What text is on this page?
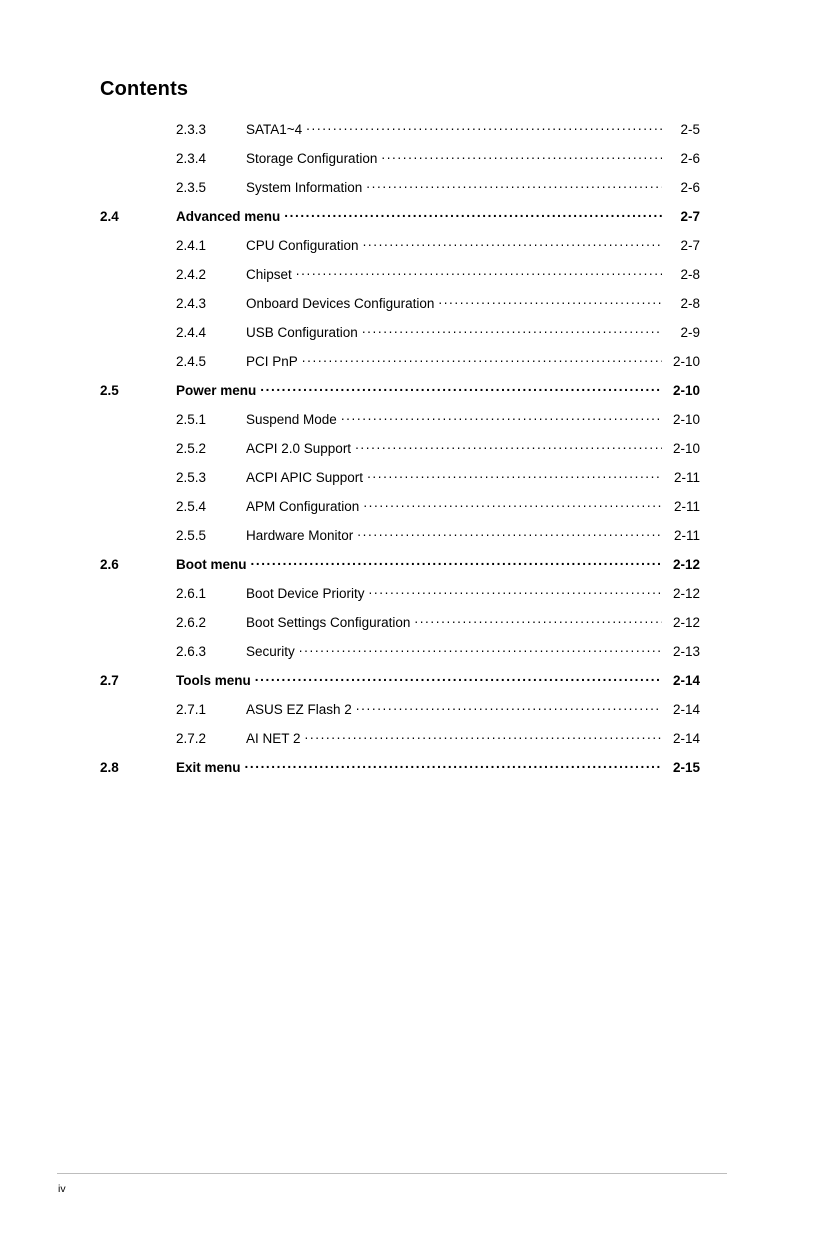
Contents
2.3.3	SATA1~4 .....	2-5
2.3.4	Storage Configuration .....	2-6
2.3.5	System Information .....	2-6
2.4	Advanced menu .....	2-7
2.4.1	CPU Configuration .....	2-7
2.4.2	Chipset .....	2-8
2.4.3	Onboard Devices Configuration .....	2-8
2.4.4	USB Configuration .....	2-9
2.4.5	PCI PnP .....	2-10
2.5	Power menu .....	2-10
2.5.1	Suspend Mode .....	2-10
2.5.2	ACPI 2.0 Support .....	2-10
2.5.3	ACPI APIC Support .....	2-11
2.5.4	APM Configuration .....	2-11
2.5.5	Hardware Monitor .....	2-11
2.6	Boot menu .....	2-12
2.6.1	Boot Device Priority .....	2-12
2.6.2	Boot Settings Configuration .....	2-12
2.6.3	Security .....	2-13
2.7	Tools menu .....	2-14
2.7.1	ASUS EZ Flash 2 .....	2-14
2.7.2	AI NET 2 .....	2-14
2.8	Exit menu .....	2-15
iv
